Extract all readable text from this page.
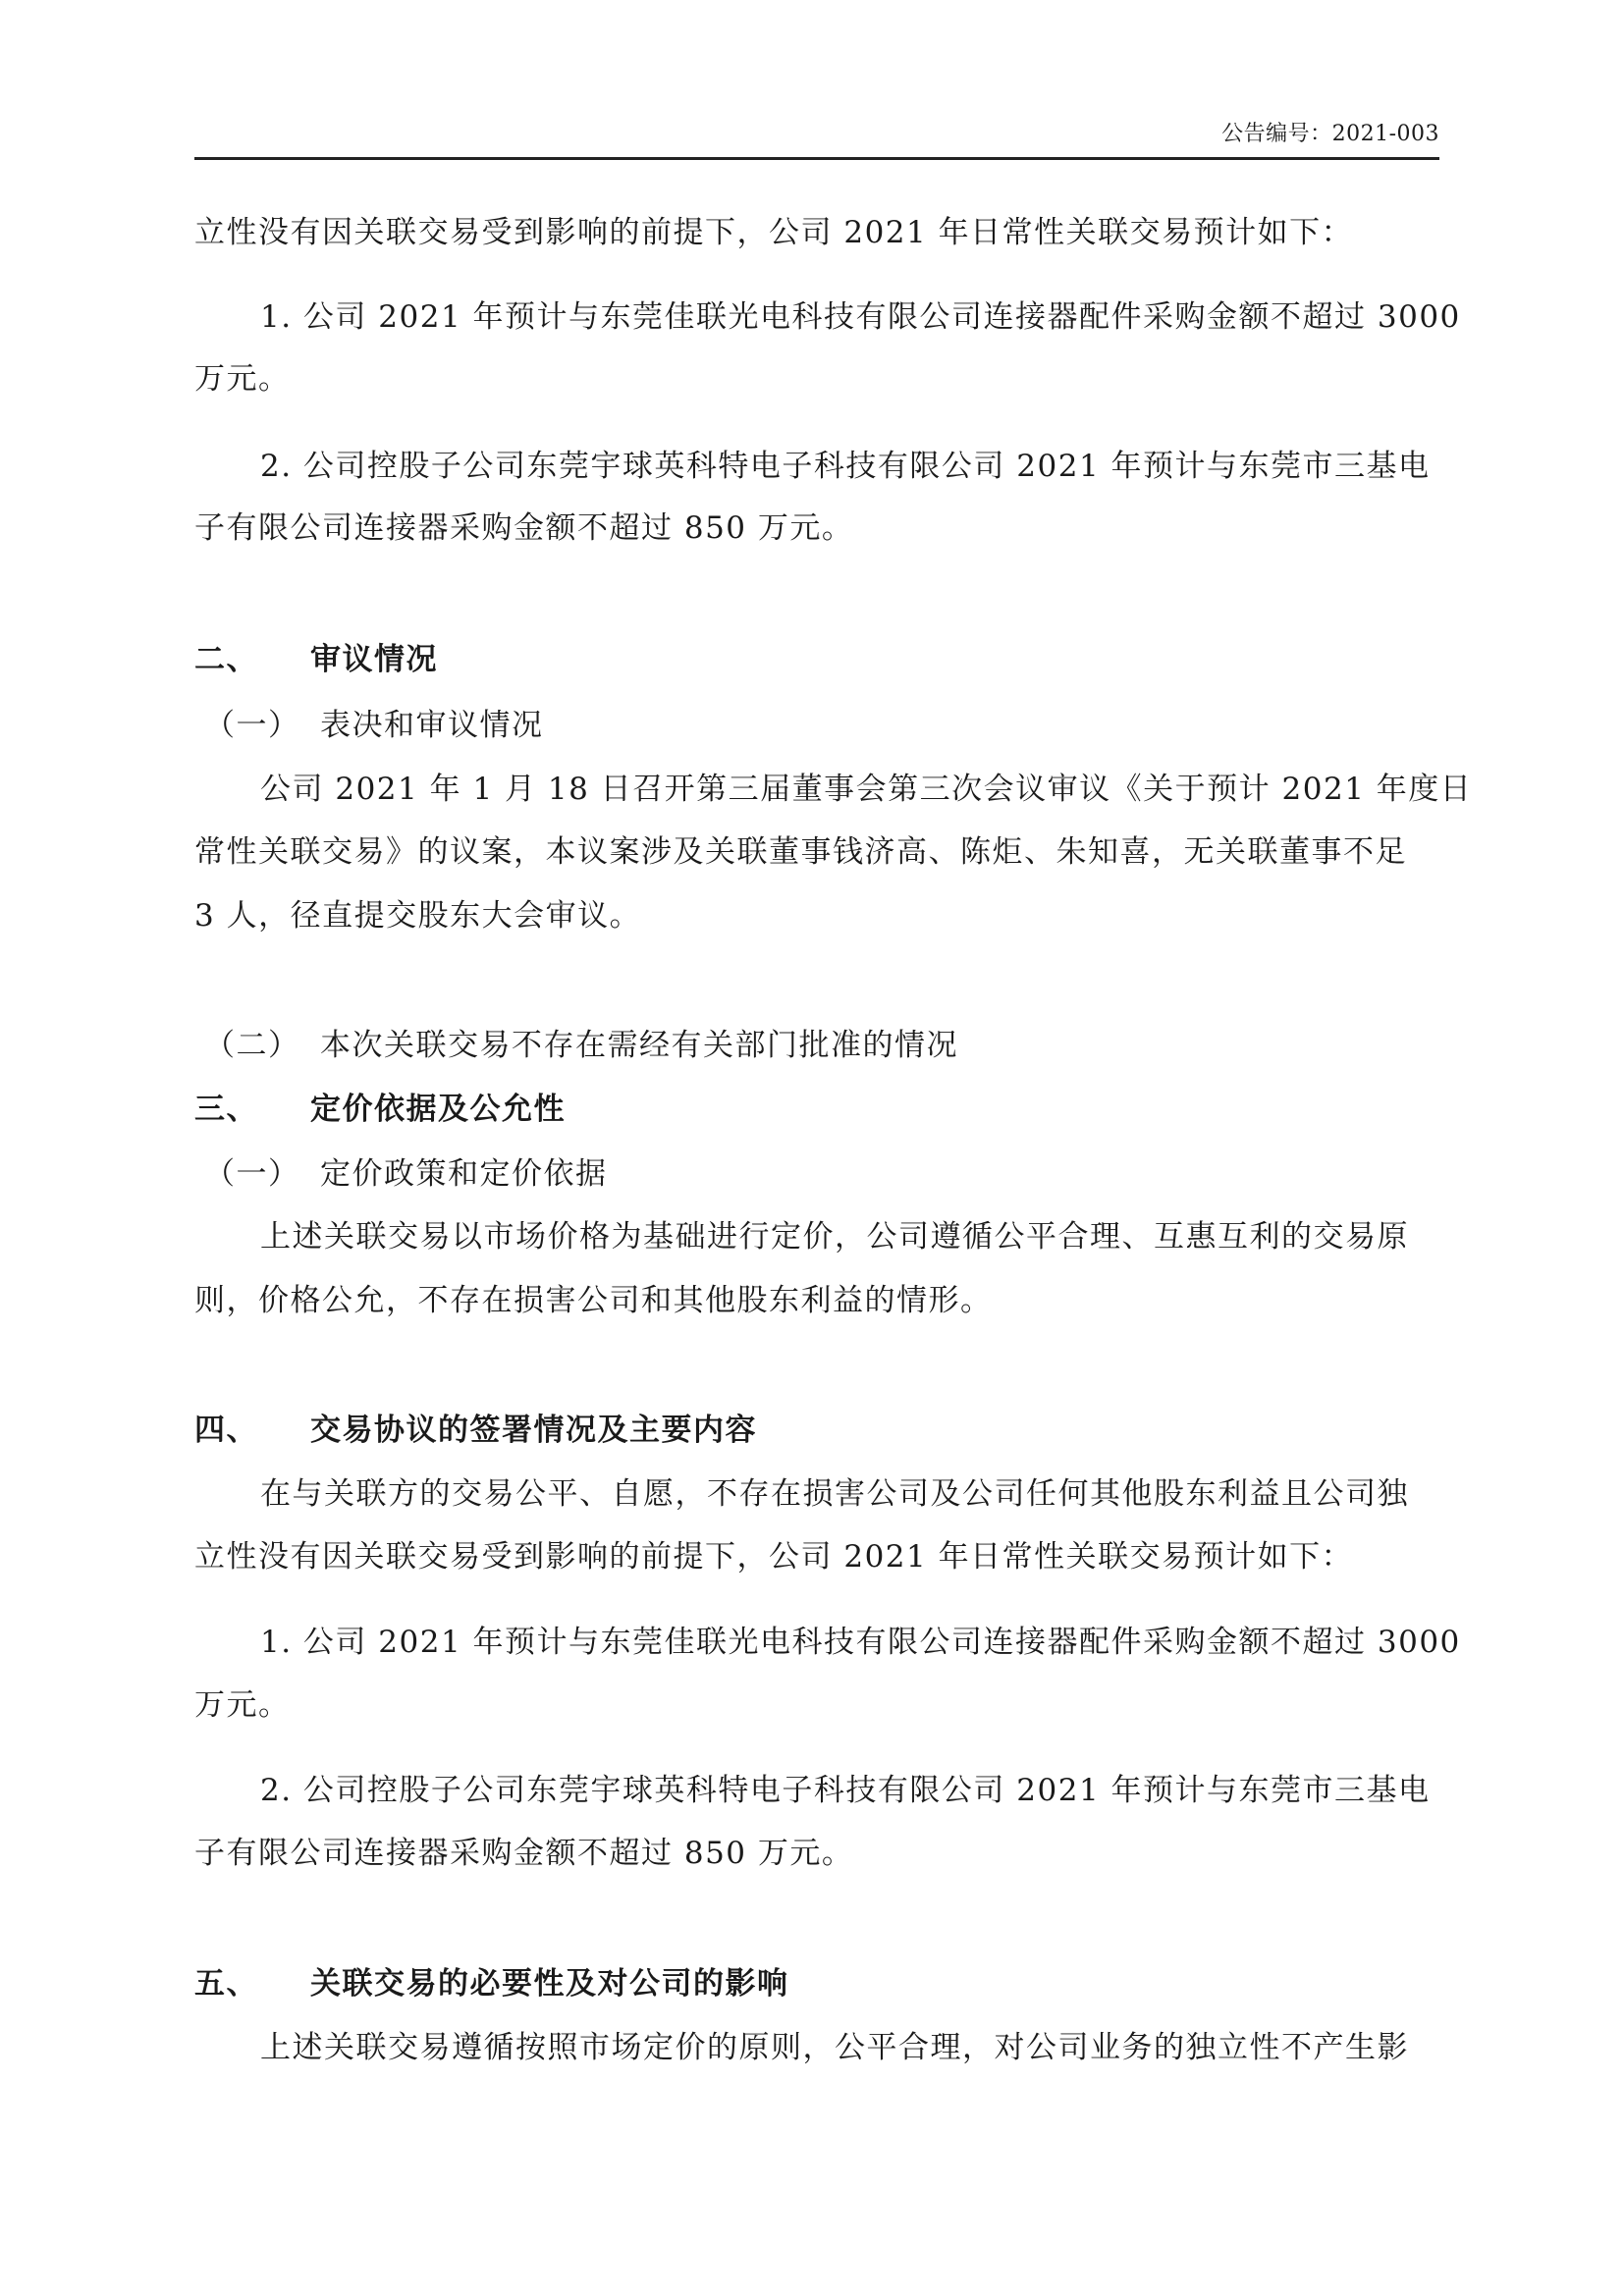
公告编号：2021-003
立性没有因关联交易受到影响的前提下，公司 2021 年日常性关联交易预计如下：
1. 公司 2021 年预计与东莞佳联光电科技有限公司连接器配件采购金额不超过 3000
万元。
2. 公司控股子公司东莞宇球英科特电子科技有限公司 2021 年预计与东莞市三基电
子有限公司连接器采购金额不超过 850 万元。
二、 审议情况
（一） 表决和审议情况
公司 2021 年 1 月 18 日召开第三届董事会第三次会议审议《关于预计 2021 年度日
常性关联交易》的议案，本议案涉及关联董事钱济高、陈炬、朱知喜，无关联董事不足
3 人，径直提交股东大会审议。
（二） 本次关联交易不存在需经有关部门批准的情况
三、 定价依据及公允性
（一） 定价政策和定价依据
上述关联交易以市场价格为基础进行定价，公司遵循公平合理、互惠互利的交易原
则，价格公允，不存在损害公司和其他股东利益的情形。
四、 交易协议的签署情况及主要内容
在与关联方的交易公平、自愿，不存在损害公司及公司任何其他股东利益且公司独
立性没有因关联交易受到影响的前提下，公司 2021 年日常性关联交易预计如下：
1. 公司 2021 年预计与东莞佳联光电科技有限公司连接器配件采购金额不超过 3000
万元。
2. 公司控股子公司东莞宇球英科特电子科技有限公司 2021 年预计与东莞市三基电
子有限公司连接器采购金额不超过 850 万元。
五、 关联交易的必要性及对公司的影响
上述关联交易遵循按照市场定价的原则，公平合理，对公司业务的独立性不产生影
